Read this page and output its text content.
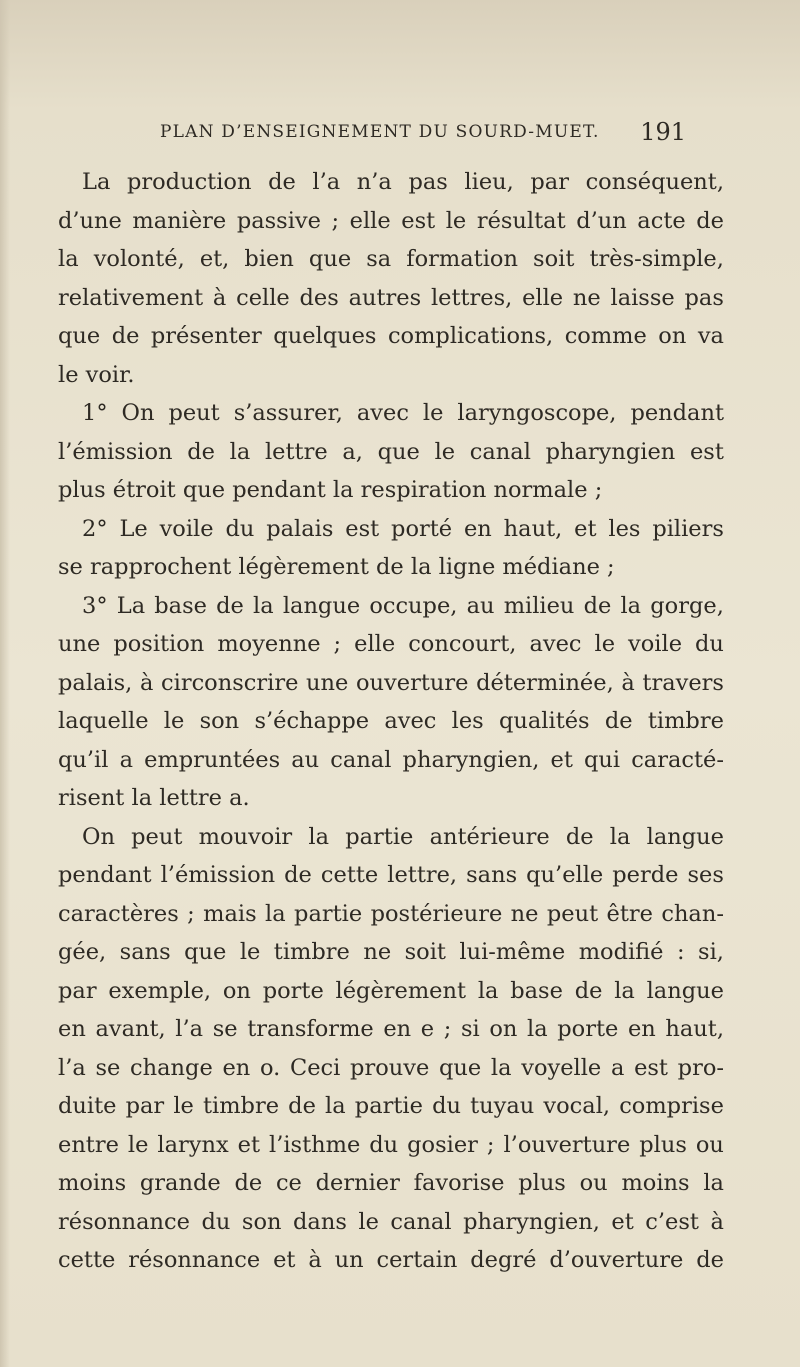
PLAN D’ENSEIGNEMENT DU SOURD-MUET. 191
La production de l’a n’a pas lieu, par conséquent,
d’une manière passive ; elle est le résultat d’un acte de
la volonté, et, bien que sa formation soit très-simple,
relativement à celle des autres lettres, elle ne laisse pas
que de présenter quelques complications, comme on va
le voir.
1° On peut s’assurer, avec le laryngoscope, pendant
l’émission de la lettre a, que le canal pharyngien est
plus étroit que pendant la respiration normale ;
2° Le voile du palais est porté en haut, et les piliers
se rapprochent légèrement de la ligne médiane ;
3° La base de la langue occupe, au milieu de la gorge,
une position moyenne ; elle concourt, avec le voile du
palais, à circonscrire une ouverture déterminée, à travers
laquelle le son s’échappe avec les qualités de timbre
qu’il a empruntées au canal pharyngien, et qui caracté-
risent la lettre a.
On peut mouvoir la partie antérieure de la langue
pendant l’émission de cette lettre, sans qu’elle perde ses
caractères ; mais la partie postérieure ne peut être chan-
gée, sans que le timbre ne soit lui-même modifié : si,
par exemple, on porte légèrement la base de la langue
en avant, l’a se transforme en e ; si on la porte en haut,
l’a se change en o. Ceci prouve que la voyelle a est pro-
duite par le timbre de la partie du tuyau vocal, comprise
entre le larynx et l’isthme du gosier ; l’ouverture plus ou
moins grande de ce dernier favorise plus ou moins la
résonnance du son dans le canal pharyngien, et c’est à
cette résonnance et à un certain degré d’ouverture de
